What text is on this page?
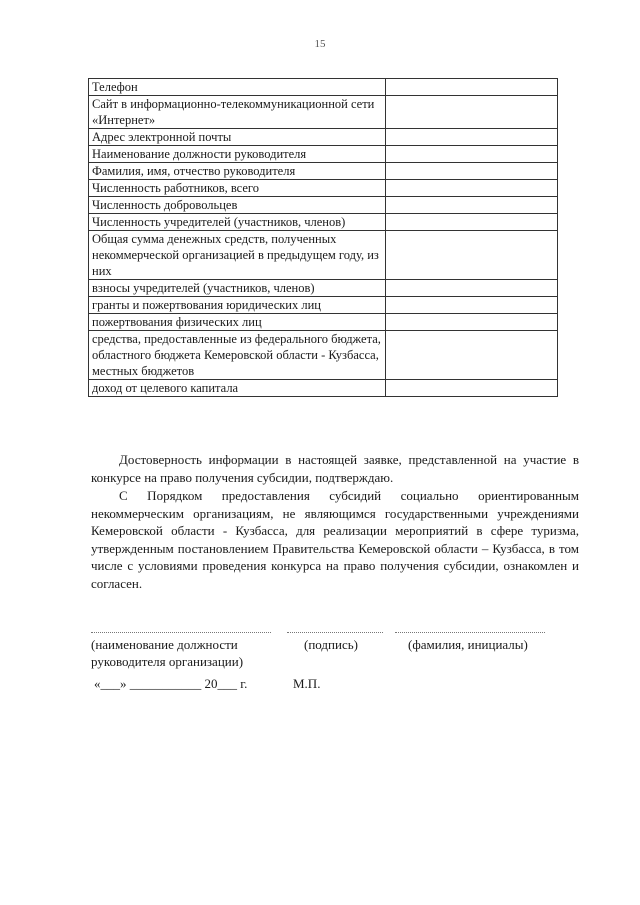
15
Телефон	
Сайт в информационно-телекоммуникационной сети «Интернет»	
Адрес электронной почты	
Наименование должности руководителя	
Фамилия, имя, отчество руководителя	
Численность работников, всего	
Численность добровольцев	
Численность учредителей (участников, членов)	
Общая сумма денежных средств, полученных некоммерческой организацией в предыдущем году, из них	
взносы учредителей (участников, членов)	
гранты и пожертвования юридических лиц	
пожертвования физических лиц	
средства, предоставленные из федерального бюджета, областного бюджета Кемеровской области - Кузбасса, местных бюджетов	
доход от целевого капитала	

Достоверность информации в настоящей заявке, представленной на участие в конкурсе на право получения субсидии, подтверждаю.

С Порядком предоставления субсидий социально ориентированным некоммерческим организациям, не являющимся государственными учреждениями Кемеровской области - Кузбасса, для реализации мероприятий в сфере туризма, утвержденным постановлением Правительства Кемеровской области – Кузбасса, в том числе с условиями проведения конкурса на право получения субсидии, ознакомлен и согласен.

(наименование должности
руководителя организации)
(подпись)	(фамилия, инициалы)
«___» ___________ 20___ г.	М.П.
